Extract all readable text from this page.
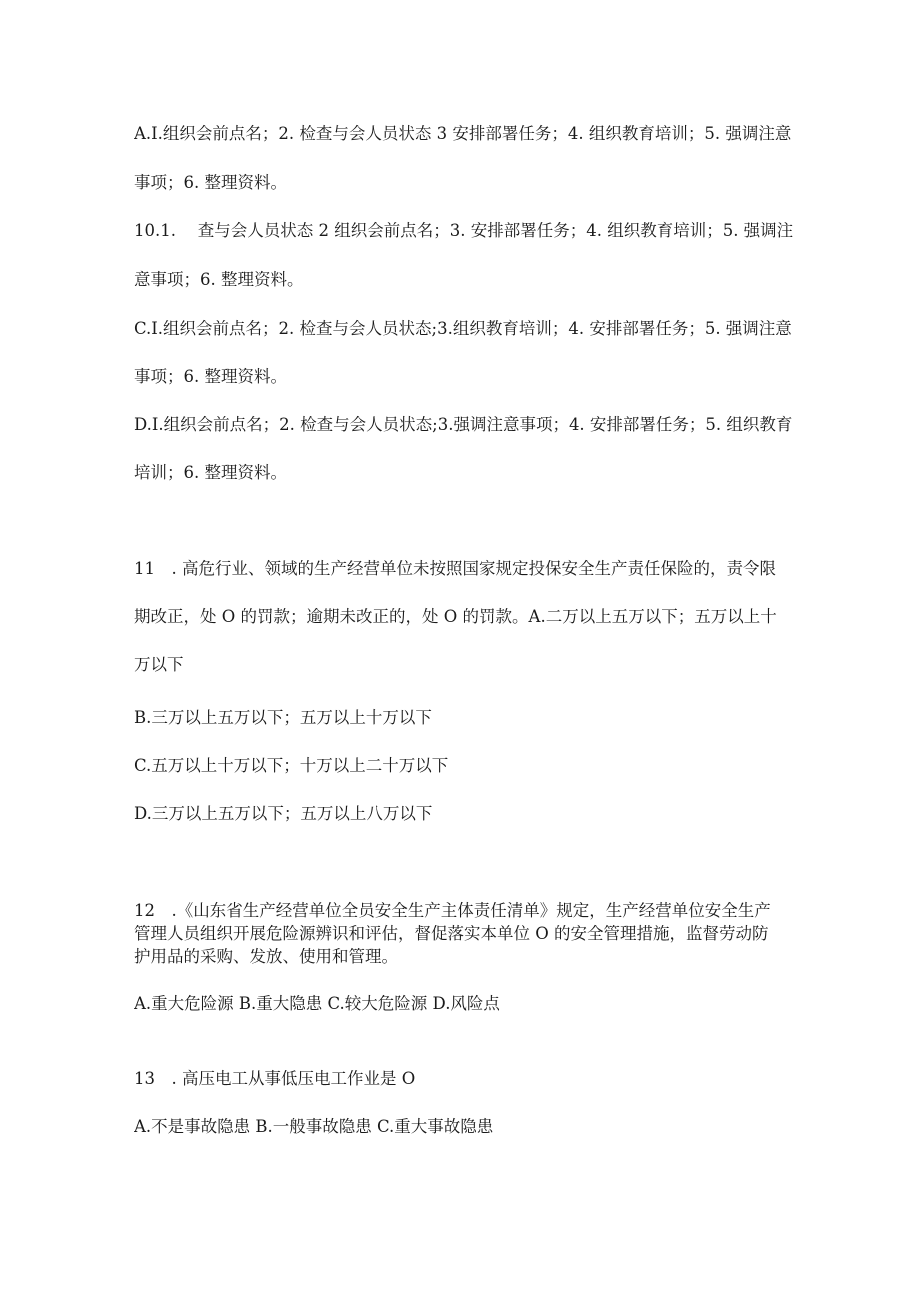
A.I.组织会前点名；2. 检查与会人员状态 3 安排部署任务；4. 组织教育培训；5. 强调注意
事项；6. 整理资料。
10.1.　 查与会人员状态 2 组织会前点名；3. 安排部署任务；4. 组织教育培训；5. 强调注
意事项；6. 整理资料。
C.I.组织会前点名；2. 检查与会人员状态;3.组织教育培训；4. 安排部署任务；5. 强调注意
事项；6. 整理资料。
D.I.组织会前点名；2. 检查与会人员状态;3.强调注意事项；4. 安排部署任务；5. 组织教育
培训；6. 整理资料。
11　. 高危行业、领域的生产经营单位未按照国家规定投保安全生产责任保险的，责令限
期改正，处 O 的罚款；逾期未改正的，处 O 的罚款。A.二万以上五万以下；五万以上十
万以下
B.三万以上五万以下；五万以上十万以下
C.五万以上十万以下；十万以上二十万以下
D.三万以上五万以下；五万以上八万以下
12　.《山东省生产经营单位全员安全生产主体责任清单》规定，生产经营单位安全生产
管理人员组织开展危险源辨识和评估，督促落实本单位 O 的安全管理措施，监督劳动防
护用品的采购、发放、使用和管理。
A.重大危险源 B.重大隐患 C.较大危险源 D.风险点
13　. 高压电工从事低压电工作业是 O
A.不是事故隐患 B.一般事故隐患 C.重大事故隐患
